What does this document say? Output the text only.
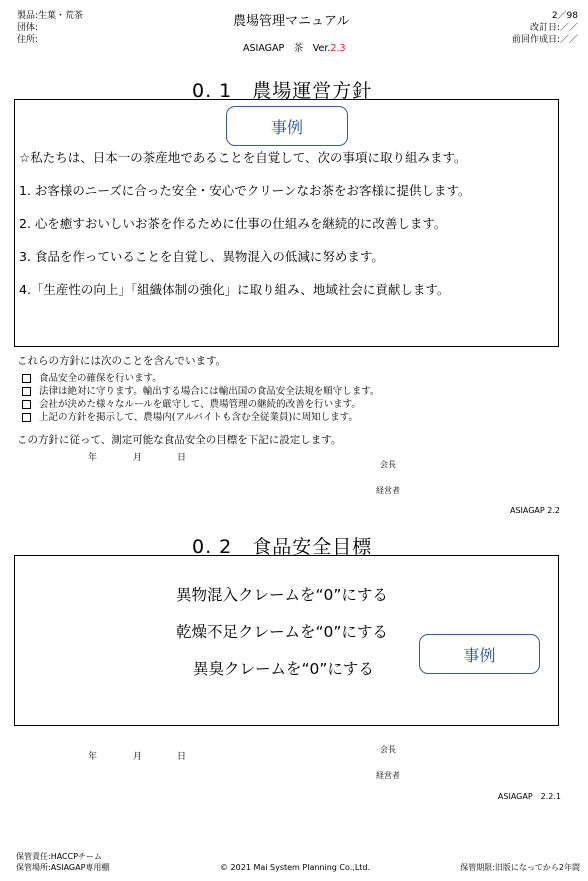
製品:生葉・荒茶
団体:
住所:
農場管理マニュアル
ASIAGAP　茶　Ver.2.3
2／98
改訂日:／／
前回作成日:／／
0. 1　農場運営方針
事例
☆私たちは、日本一の茶産地であることを自覚して、次の事項に取り組みます。
1. お客様のニーズに合った安全・安心でクリーンなお茶をお客様に提供します。
2. 心を癒すおいしいお茶を作るために仕事の仕組みを継続的に改善します。
3. 食品を作っていることを自覚し、異物混入の低減に努めます。
4.「生産性の向上」「組織体制の強化」に取り組み、地域社会に貢献します。
これらの方針には次のことを含んでいます。
食品安全の確保を行います。
法律は絶対に守ります。輸出する場合には輸出国の食品安全法規を順守します。
会社が決めた様々なルールを厳守して、農場管理の継続的改善を行います。
上記の方針を掲示して、農場内(アルバイトも含む全従業員)に周知します。
この方針に従って、測定可能な食品安全の目標を下記に設定します。
年	月	日
会長
経営者
ASIAGAP 2.2
0. 2　食品安全目標
異物混入クレームを“0”にする
乾燥不足クレームを“0”にする
異臭クレームを“0”にする
事例
年	月	日
会長
経営者
ASIAGAP　2.2.1
保管責任:HACCPチーム
保管場所:ASIAGAP専用棚	© 2021 Mai System Planning Co.,Ltd.	保管期限:旧版になってから2年間
